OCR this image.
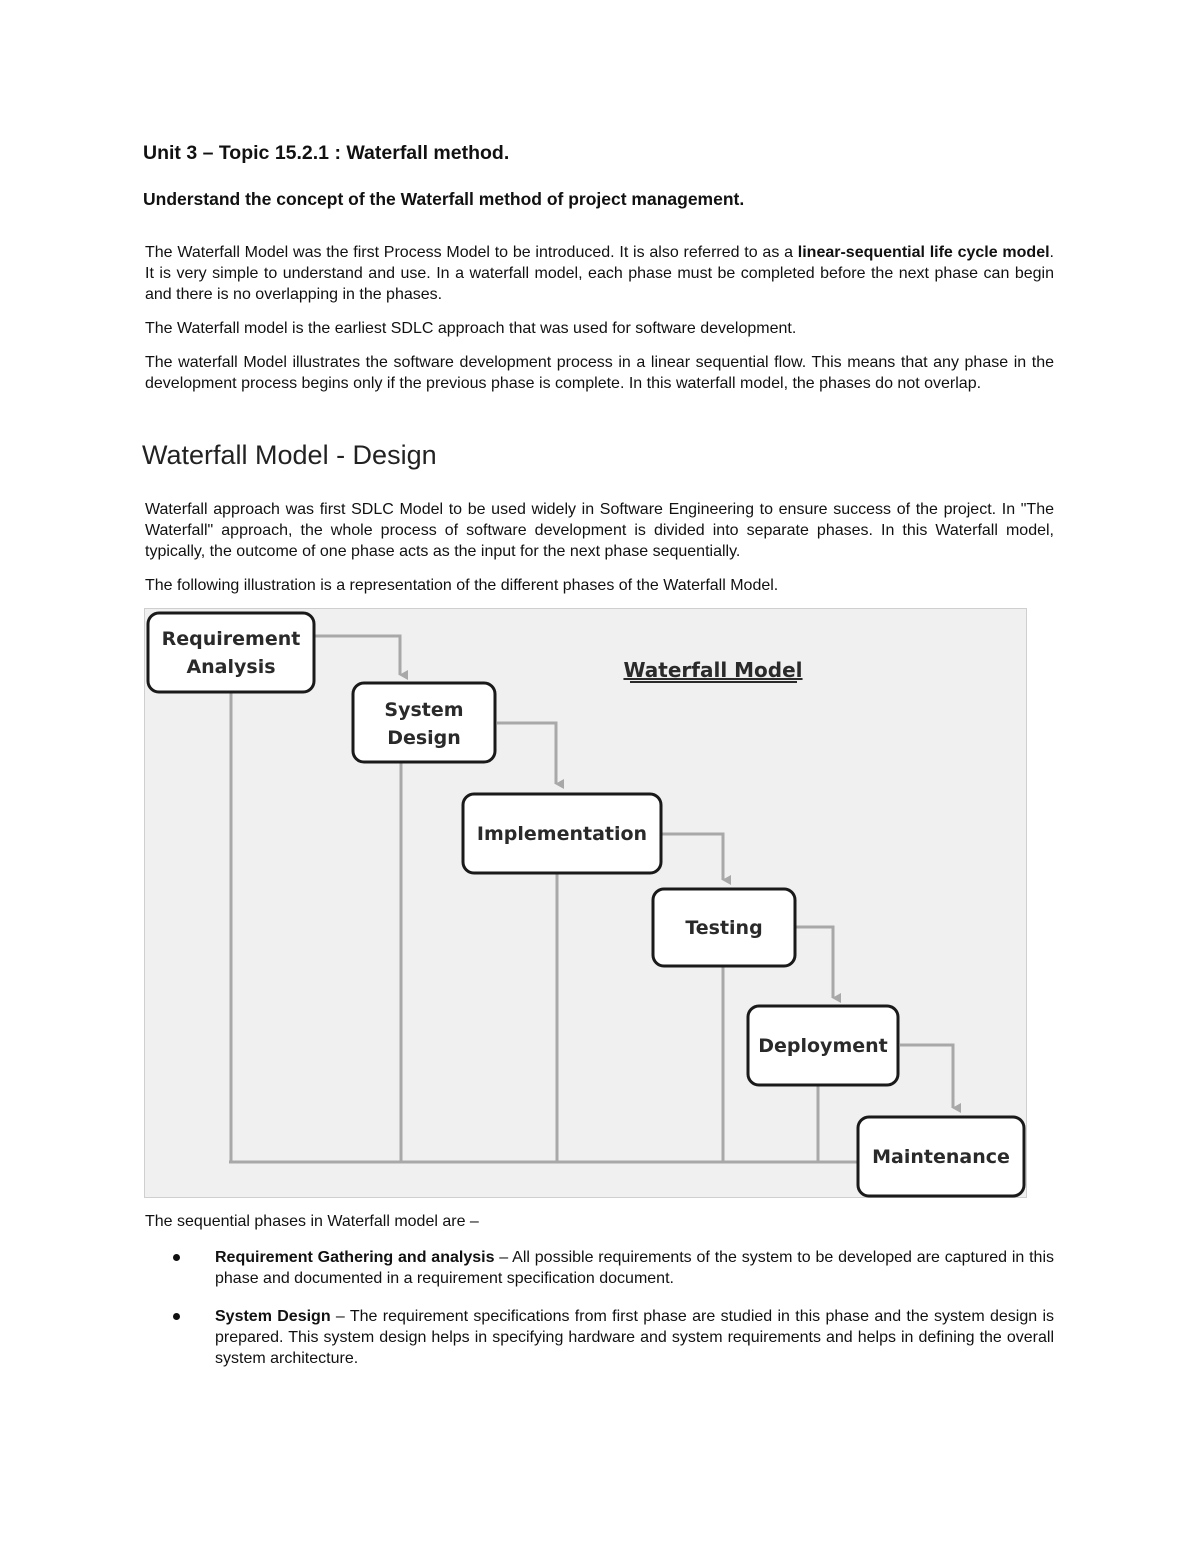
Unit 3 – Topic 15.2.1 : Waterfall method.
Understand the concept of the Waterfall method of project management.

The Waterfall Model was the first Process Model to be introduced. It is also referred to as a linear-sequential life cycle model. It is very simple to understand and use. In a waterfall model, each phase must be completed before the next phase can begin and there is no overlapping in the phases.

The Waterfall model is the earliest SDLC approach that was used for software development.

The waterfall Model illustrates the software development process in a linear sequential flow. This means that any phase in the development process begins only if the previous phase is complete. In this waterfall model, the phases do not overlap.

Waterfall Model - Design

Waterfall approach was first SDLC Model to be used widely in Software Engineering to ensure success of the project. In "The Waterfall" approach, the whole process of software development is divided into separate phases. In this Waterfall model, typically, the outcome of one phase acts as the input for the next phase sequentially.

The following illustration is a representation of the different phases of the Waterfall Model.

Requirement
Analysis
System
Design
Implementation
Testing
Deployment
Maintenance
Waterfall Model

The sequential phases in Waterfall model are –

Requirement Gathering and analysis – All possible requirements of the system to be developed are captured in this phase and documented in a requirement specification document.
System Design – The requirement specifications from first phase are studied in this phase and the system design is prepared. This system design helps in specifying hardware and system requirements and helps in defining the overall system architecture.
